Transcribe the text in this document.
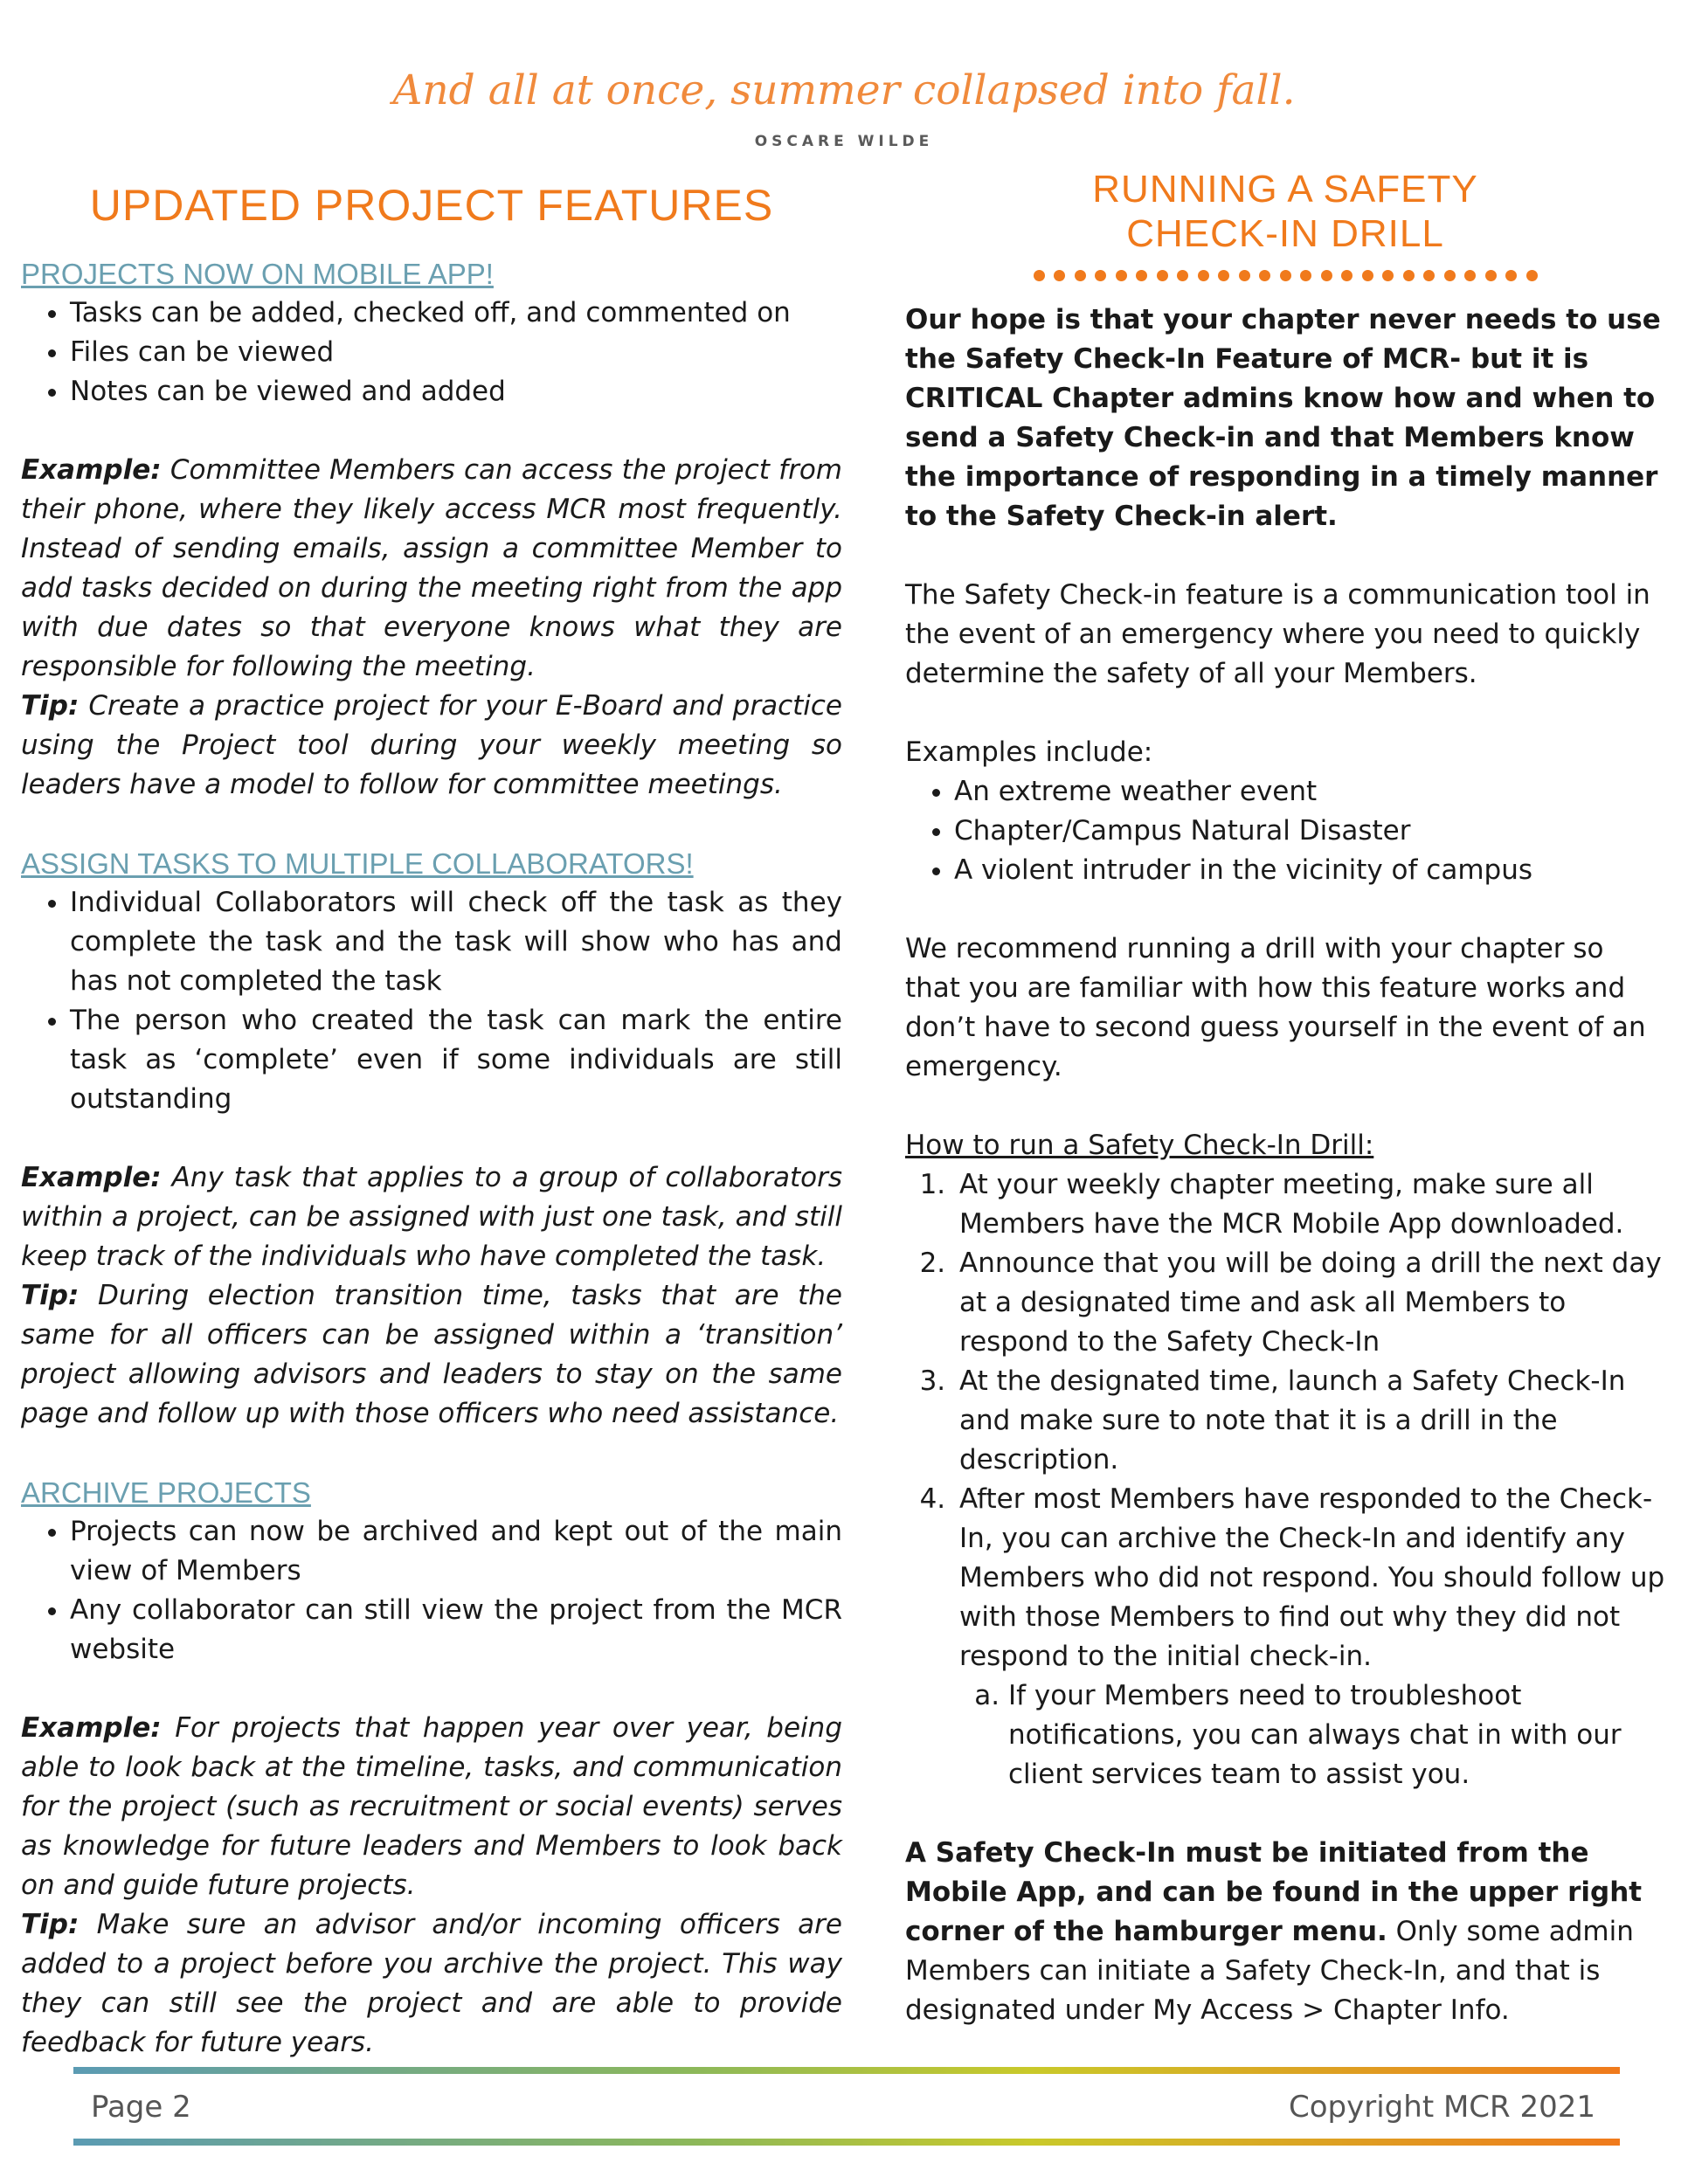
And all at once, summer collapsed into fall.
OSCARE WILDE
UPDATED PROJECT FEATURES
PROJECTS NOW ON MOBILE APP!
• Tasks can be added, checked off, and commented on
• Files can be viewed
• Notes can be viewed and added

Example: Committee Members can access the project from their phone, where they likely access MCR most frequently. Instead of sending emails, assign a committee Member to add tasks decided on during the meeting right from the app with due dates so that everyone knows what they are responsible for following the meeting.

Tip: Create a practice project for your E-Board and practice using the Project tool during your weekly meeting so leaders have a model to follow for committee meetings.

ASSIGN TASKS TO MULTIPLE COLLABORATORS!
• Individual Collaborators will check off the task as they complete the task and the task will show who has and has not completed the task
• The person who created the task can mark the entire task as ‘complete’ even if some individuals are still outstanding

Example: Any task that applies to a group of collaborators within a project, can be assigned with just one task, and still keep track of the individuals who have completed the task.

Tip: During election transition time, tasks that are the same for all officers can be assigned within a ‘transition’ project allowing advisors and leaders to stay on the same page and follow up with those officers who need assistance.

ARCHIVE PROJECTS
• Projects can now be archived and kept out of the main view of Members
• Any collaborator can still view the project from the MCR website

Example: For projects that happen year over year, being able to look back at the timeline, tasks, and communication for the project (such as recruitment or social events) serves as knowledge for future leaders and Members to look back on and guide future projects.

Tip: Make sure an advisor and/or incoming officers are added to a project before you archive the project. This way they can still see the project and are able to provide feedback for future years.

RUNNING A SAFETY
CHECK-IN DRILL

Our hope is that your chapter never needs to use the Safety Check-In Feature of MCR- but it is CRITICAL Chapter admins know how and when to send a Safety Check-in and that Members know the importance of responding in a timely manner to the Safety Check-in alert.

The Safety Check-in feature is a communication tool in the event of an emergency where you need to quickly determine the safety of all your Members.

Examples include:

• An extreme weather event
• Chapter/Campus Natural Disaster
• A violent intruder in the vicinity of campus

We recommend running a drill with your chapter so that you are familiar with how this feature works and don’t have to second guess yourself in the event of an emergency.

How to run a Safety Check-In Drill:

1. At your weekly chapter meeting, make sure all Members have the MCR Mobile App downloaded.
2. Announce that you will be doing a drill the next day at a designated time and ask all Members to respond to the Safety Check-In
3. At the designated time, launch a Safety Check-In and make sure to note that it is a drill in the description.
4. After most Members have responded to the Check-In, you can archive the Check-In and identify any Members who did not respond. You should follow up with those Members to find out why they did not respond to the initial check-in.
a. If your Members need to troubleshoot notifications, you can always chat in with our client services team to assist you.

A Safety Check-In must be initiated from the Mobile App, and can be found in the upper right corner of the hamburger menu. Only some admin Members can initiate a Safety Check-In, and that is designated under My Access > Chapter Info.

Page 2	Copyright MCR 2021
